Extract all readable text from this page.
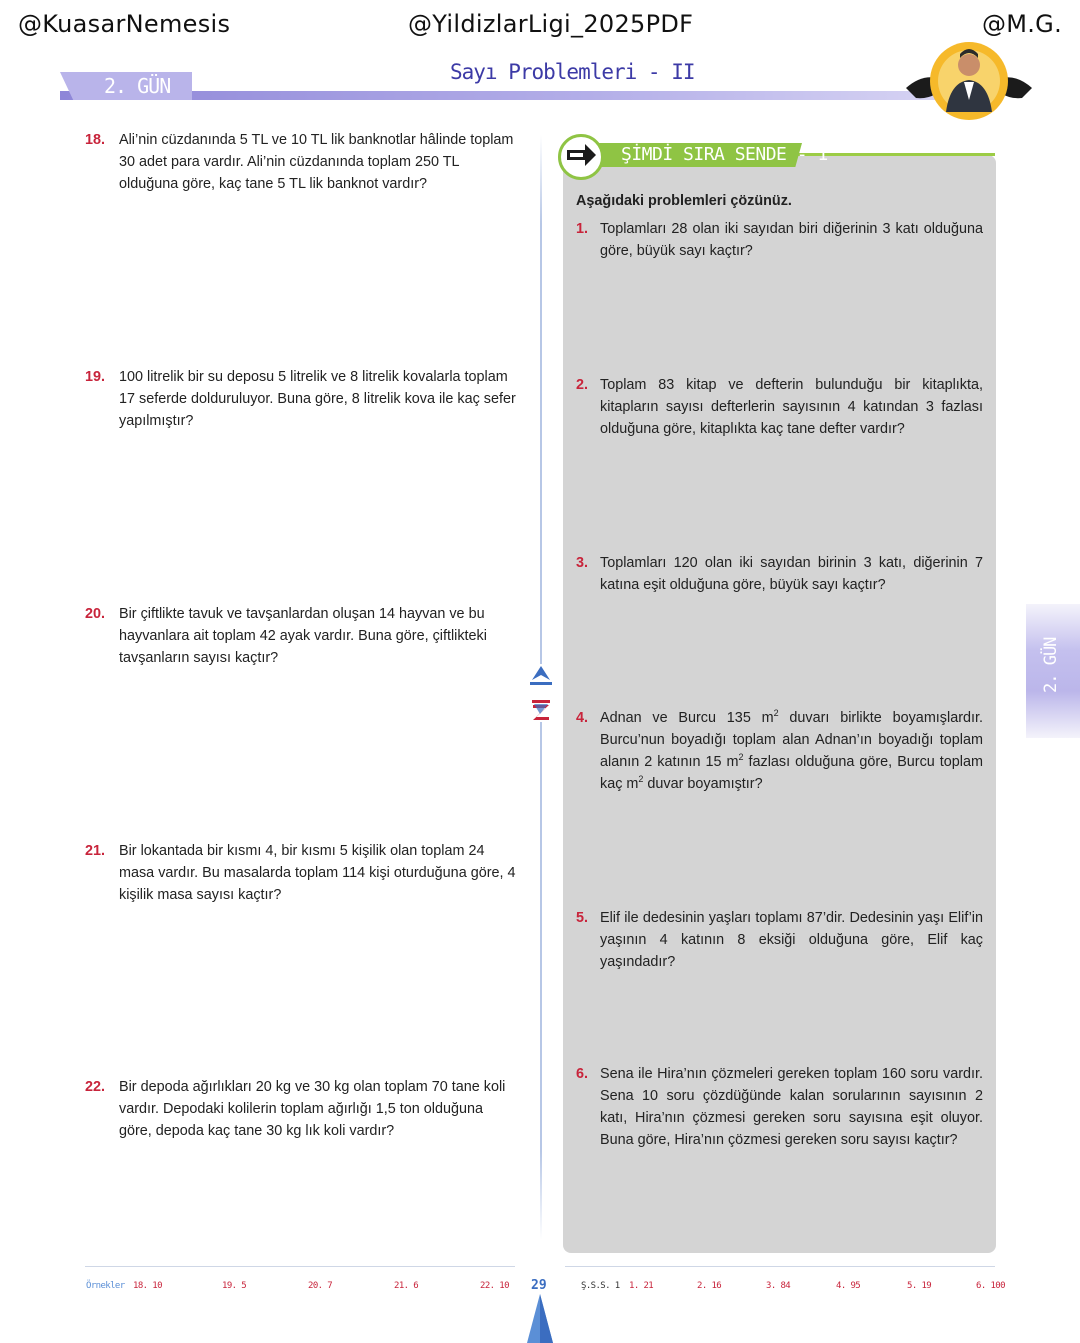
@KuasarNemesis	@YildizlarLigi_2025PDF	@M.G.
2. GÜN
Sayı Problemleri - II
18. Ali’nin cüzdanında 5 TL ve 10 TL lik banknotlar hâlinde toplam 30 adet para vardır. Ali’nin cüzdanında toplam 250 TL olduğuna göre, kaç tane 5 TL lik banknot vardır?
19. 100 litrelik bir su deposu 5 litrelik ve 8 litrelik kovalarla toplam 17 seferde dolduruluyor. Buna göre, 8 litrelik kova ile kaç sefer yapılmıştır?
20. Bir çiftlikte tavuk ve tavşanlardan oluşan 14 hayvan ve bu hayvanlara ait toplam 42 ayak vardır. Buna göre, çiftlikteki tavşanların sayısı kaçtır?
21. Bir lokantada bir kısmı 4, bir kısmı 5 kişilik olan toplam 24 masa vardır. Bu masalarda toplam 114 kişi oturduğuna göre, 4 kişilik masa sayısı kaçtır?
22. Bir depoda ağırlıkları 20 kg ve 30 kg olan toplam 70 tane koli vardır. Depodaki kolilerin toplam ağırlığı 1,5 ton olduğuna göre, depoda kaç tane 30 kg lık koli vardır?
ŞİMDİ SIRA SENDE - 1
Aşağıdaki problemleri çözünüz.
1. Toplamları 28 olan iki sayıdan biri diğerinin 3 katı olduğuna göre, büyük sayı kaçtır?
2. Toplam 83 kitap ve defterin bulunduğu bir kitaplıkta, kitapların sayısı defterlerin sayısının 4 katından 3 fazlası olduğuna göre, kitaplıkta kaç tane defter vardır?
3. Toplamları 120 olan iki sayıdan birinin 3 katı, diğerinin 7 katına eşit olduğuna göre, büyük sayı kaçtır?
4. Adnan ve Burcu 135 $m^2$ duvarı birlikte boyamışlardır. Burcu’nun boyadığı toplam alan Adnan’ın boyadığı toplam alanın 2 katının 15 $m^2$ fazlası olduğuna göre, Burcu toplam kaç $m^2$ duvar boyamıştır?
5. Elif ile dedesinin yaşları toplamı 87’dir. Dedesinin yaşı Elif’in yaşının 4 katının 8 eksiği olduğuna göre, Elif kaç yaşındadır?
6. Sena ile Hira’nın çözmeleri gereken toplam 160 soru vardır. Sena 10 soru çözdüğünde kalan sorularının sayısının 2 katı, Hira’nın çözmesi gereken soru sayısına eşit oluyor. Buna göre, Hira’nın çözmesi gereken soru sayısı kaçtır?
2. GÜN
Örnekler 18. 10	19. 5	20. 7	21. 6	22. 10 29	Ş.S.S. 1 1. 21	2. 16	3. 84	4. 95	5. 19	6. 100
